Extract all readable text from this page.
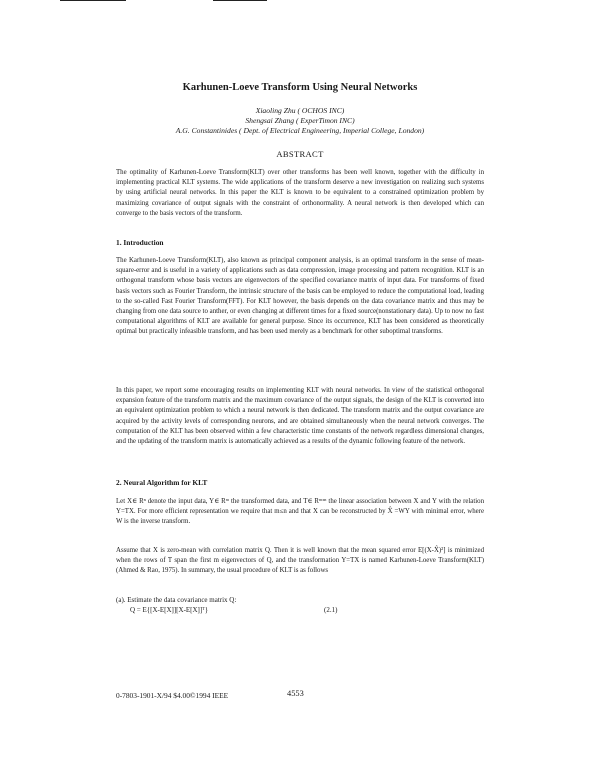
Karhunen-Loeve Transform Using Neural Networks
Xiaoling Zhu ( OCHOS INC)
Shengsai Zhang ( ExperTimon INC)
A.G. Constantinides ( Dept. of Electrical Engineering, Imperial College, London)
ABSTRACT
The optimality of Karhunen-Loeve Transform(KLT) over other transforms has been well known, together with the difficulty in implementing practical KLT systems. The wide applications of the transform deserve a new investigation on realizing such systems by using artificial neural networks. In this paper the KLT is known to be equivalent to a constrained optimization problem by maximizing covariance of output signals with the constraint of orthonormality. A neural network is then developed which can converge to the basis vectors of the transform.
1. Introduction
The Karhunen-Loeve Transform(KLT), also known as principal component analysis, is an optimal transform in the sense of mean-square-error and is useful in a variety of applications such as data compression, image processing and pattern recognition. KLT is an orthogonal transform whose basis vectors are eigenvectors of the specified covariance matrix of input data. For transforms of fixed basis vectors such as Fourier Transform, the intrinsic structure of the basis can be employed to reduce the computational load, leading to the so-called Fast Fourier Transform(FFT). For KLT however, the basis depends on the data covariance matrix and thus may be changing from one data source to anther, or even changing at different times for a fixed source(nonstationary data). Up to now no fast computational algorithms of KLT are available for general purpose. Since its occurrence, KLT has been considered as theoretically optimal but practically infeasible transform, and has been used merely as a benchmark for other suboptimal transforms.
In this paper, we report some encouraging results on implementing KLT with neural networks. In view of the statistical orthogonal expansion feature of the transform matrix and the maximum covariance of the output signals, the design of the KLT is converted into an equivalent optimization problem to which a neural network is then dedicated. The transform matrix and the output covariance are acquired by the activity levels of corresponding neurons, and are obtained simultaneously when the neural network converges. The computation of the KLT has been observed within a few characteristic time constants of the network regardless dimensional changes, and the updating of the transform matrix is automatically achieved as a results of the dynamic following feature of the network.
2. Neural Algorithm for KLT
Let X∈ Rⁿ denote the input data, Y∈ Rᵐ the transformed data, and T∈ Rᵐˣⁿ the linear association between X and Y with the relation Y=TX. For more efficient representation we require that m≤n and that X can be reconstructed by X̂ =WY with minimal error, where W is the inverse transform.
Assume that X is zero-mean with correlation matrix Q. Then it is well known that the mean squared error E[(X-X̂)²] is minimized when the rows of T span the first m eigenvectors of Q, and the transformation Y=TX is named Karhunen-Loeve Transform(KLT)(Ahmed & Rao, 1975). In summary, the usual procedure of KLT is as follows
(a). Estimate the data covariance matrix Q:
Q = E{[X-E[X]][X-E[X]]ᵀ}	(2.1)
0-7803-1901-X/94 $4.00©1994 IEEE	4553
